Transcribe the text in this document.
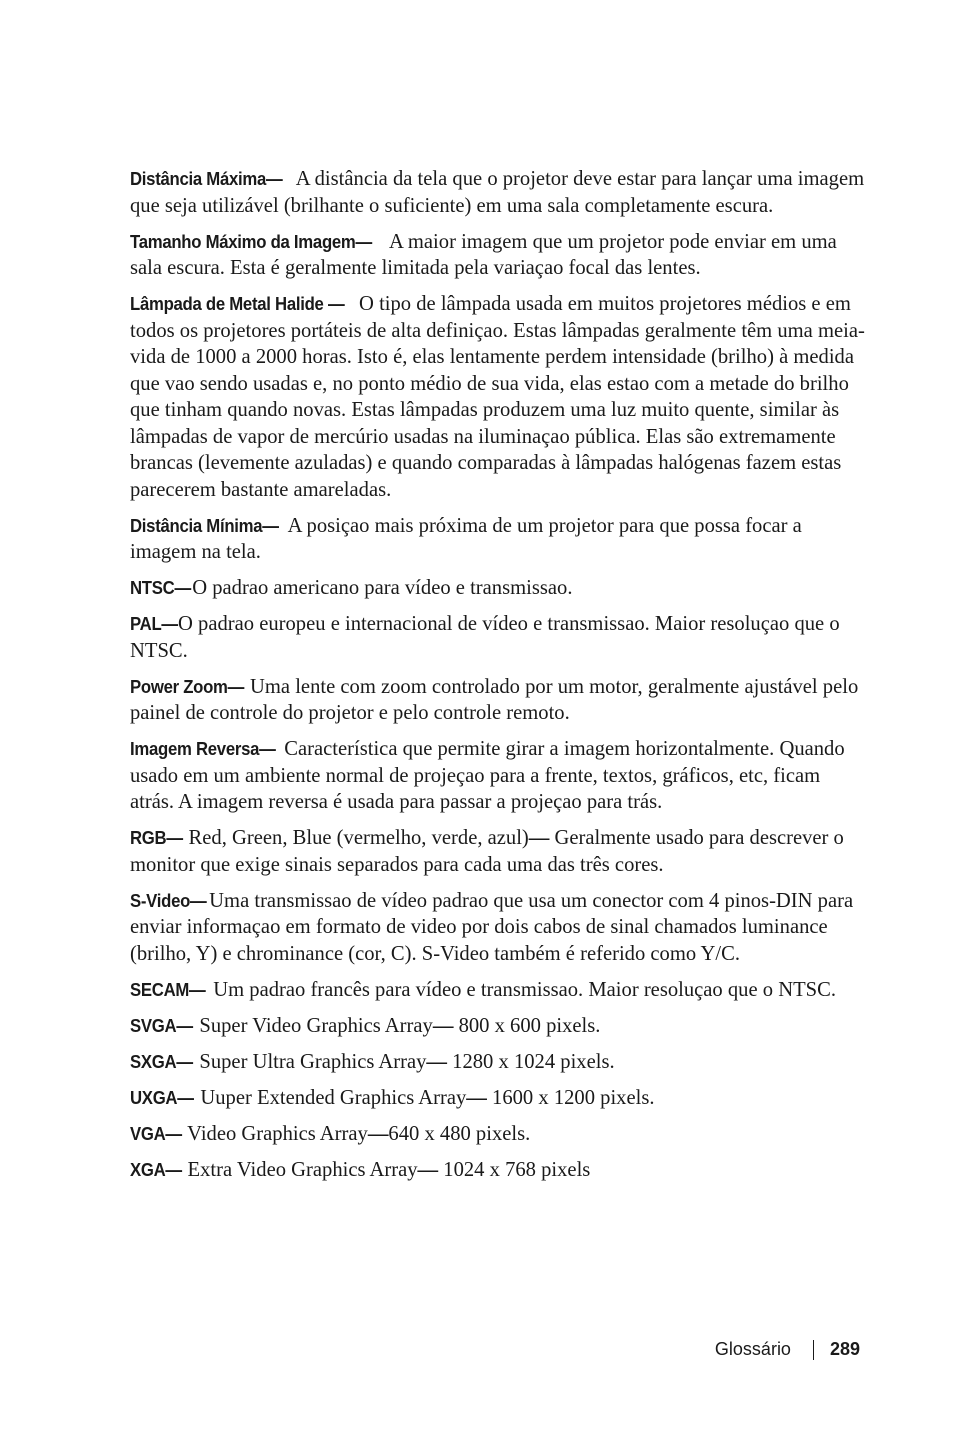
Distância Máxima— A distância da tela que o projetor deve estar para lançar uma imagem que seja utilizável (brilhante o suficiente) em uma sala completamente escura.

Tamanho Máximo da Imagem— A maior imagem que um projetor pode enviar em uma sala escura. Esta é geralmente limitada pela variaçao focal das lentes.

Lâmpada de Metal Halide — O tipo de lâmpada usada em muitos projetores médios e em todos os projetores portáteis de alta definiçao. Estas lâmpadas geralmente têm uma meia-vida de 1000 a 2000 horas. Isto é, elas lentamente perdem intensidade (brilho) à medida que vao sendo usadas e, no ponto médio de sua vida, elas estao com a metade do brilho que tinham quando novas. Estas lâmpadas produzem uma luz muito quente, similar às lâmpadas de vapor de mercúrio usadas na iluminaçao pública. Elas são extremamente brancas (levemente azuladas) e quando comparadas à lâmpadas halógenas fazem estas parecerem bastante amareladas.

Distância Mínima— A posiçao mais próxima de um projetor para que possa focar a imagem na tela.

NTSC—O padrao americano para vídeo e transmissao.

PAL—O padrao europeu e internacional de vídeo e transmissao. Maior resoluçao que o NTSC.

Power Zoom— Uma lente com zoom controlado por um motor, geralmente ajustável pelo painel de controle do projetor e pelo controle remoto.

Imagem Reversa— Característica que permite girar a imagem horizontalmente. Quando usado em um ambiente normal de projeçao para a frente, textos, gráficos, etc, ficam atrás. A imagem reversa é usada para passar a projeçao para trás.

RGB— Red, Green, Blue (vermelho, verde, azul)— Geralmente usado para descrever o monitor que exige sinais separados para cada uma das três cores.

S-Video— Uma transmissao de vídeo padrao que usa um conector com 4 pinos-DIN para enviar informaçao em formato de video por dois cabos de sinal chamados luminance (brilho, Y) e chrominance (cor, C). S-Video também é referido como Y/C.

SECAM— Um padrao francês para vídeo e transmissao. Maior resoluçao que o NTSC.

SVGA— Super Video Graphics Array— 800 x 600 pixels.

SXGA— Super Ultra Graphics Array— 1280 x 1024 pixels.

UXGA— Uuper Extended Graphics Array— 1600 x 1200 pixels.

VGA— Video Graphics Array—640 x 480 pixels.

XGA— Extra Video Graphics Array— 1024 x 768 pixels

Glossário 289
